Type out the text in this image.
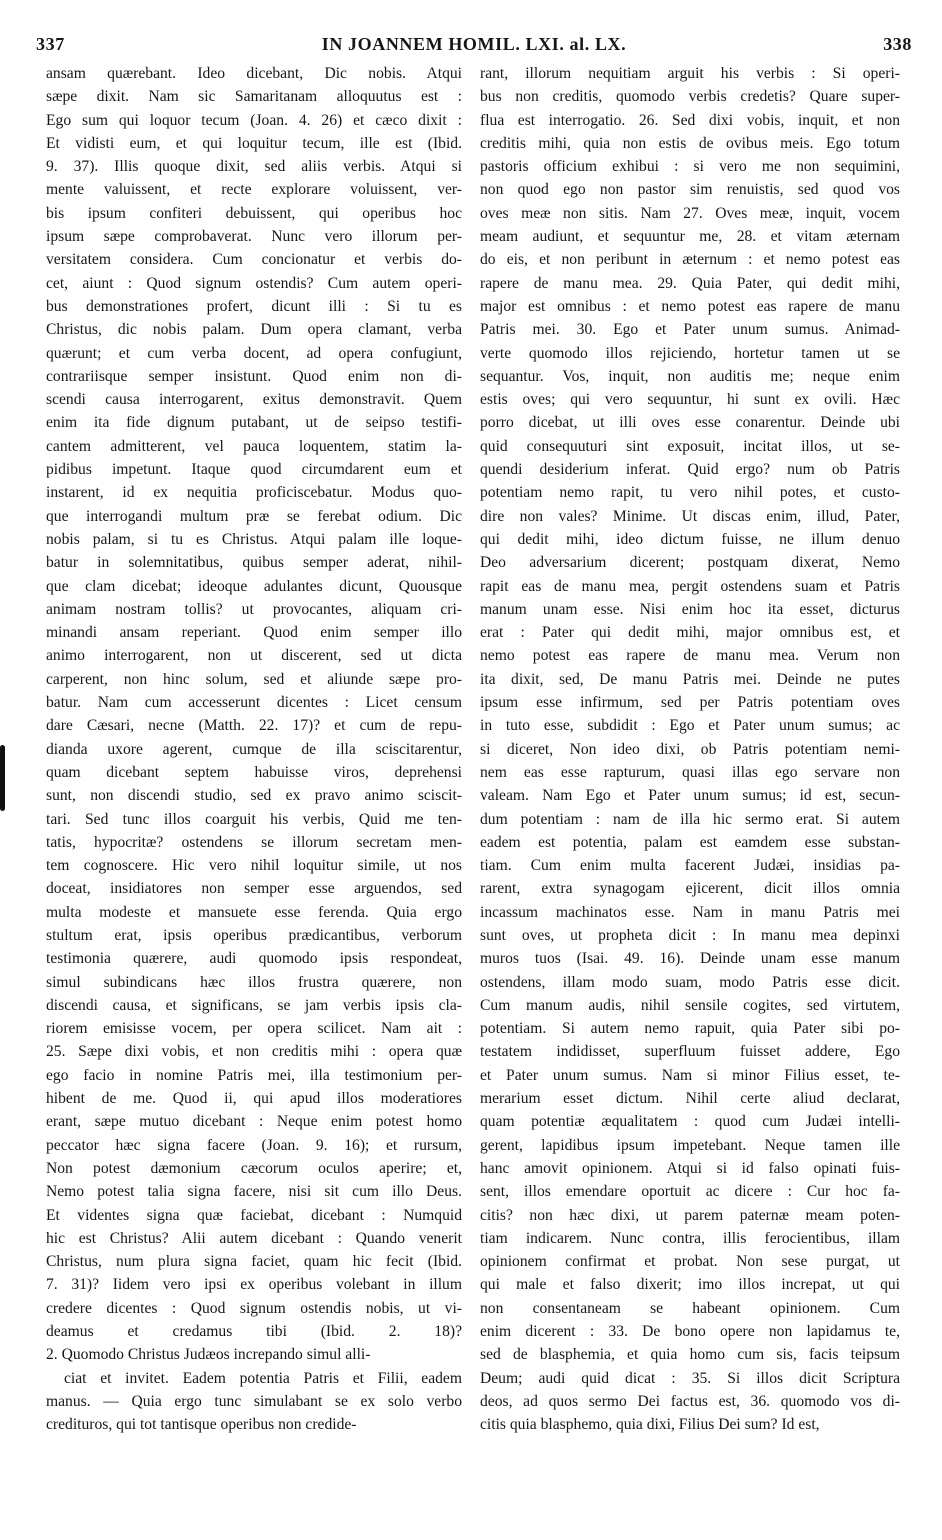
337	IN JOANNEM HOMIL. LXI. al. LX.	338
ansam quærebant. Ideo dicebant, Dic nobis. Atqui
sæpe dixit. Nam sic Samaritanam alloquutus est :
Ego sum qui loquor tecum (Joan. 4. 26) et cæco dixit :
Et vidisti eum, et qui loquitur tecum, ille est (Ibid.
9. 37). Illis quoque dixit, sed aliis verbis. Atqui si
mente valuissent, et recte explorare voluissent, ver-
bis ipsum confiteri debuissent, qui operibus hoc
ipsum sæpe comprobaverat. Nunc vero illorum per-
versitatem considera. Cum concionatur et verbis do-
cet, aiunt : Quod signum ostendis? Cum autem operi-
bus demonstrationes profert, dicunt illi : Si tu es
Christus, dic nobis palam. Dum opera clamant, verba
quærunt; et cum verba docent, ad opera confugiunt,
contrariisque semper insistunt. Quod enim non di-
scendi causa interrogarent, exitus demonstravit. Quem
enim ita fide dignum putabant, ut de seipso testifi-
cantem admitterent, vel pauca loquentem, statim la-
pidibus impetunt. Itaque quod circumdarent eum et
instarent, id ex nequitia proficiscebatur. Modus quo-
que interrogandi multum præ se ferebat odium. Dic
nobis palam, si tu es Christus. Atqui palam ille loque-
batur in solemnitatibus, quibus semper aderat, nihil-
que clam dicebat; ideoque adulantes dicunt, Quousque
animam nostram tollis? ut provocantes, aliquam cri-
minandi ansam reperiant. Quod enim semper illo
animo interrogarent, non ut discerent, sed ut dicta
carperent, non hinc solum, sed et aliunde sæpe pro-
batur. Nam cum accesserunt dicentes : Licet censum
dare Cæsari, necne (Matth. 22. 17)? et cum de repu-
dianda uxore agerent, cumque de illa sciscitarentur,
quam dicebant septem habuisse viros, deprehensi
sunt, non discendi studio, sed ex pravo animo sciscit-
tari. Sed tunc illos coarguit his verbis, Quid me ten-
tatis, hypocritæ? ostendens se illorum secretam men-
tem cognoscere. Hic vero nihil loquitur simile, ut nos
doceat, insidiatores non semper esse arguendos, sed
multa modeste et mansuete esse ferenda. Quia ergo
stultum erat, ipsis operibus prædicantibus, verborum
testimonia quærere, audi quomodo ipsis respondeat,
simul subindicans hæc illos frustra quærere, non
discendi causa, et significans, se jam verbis ipsis cla-
riorem emisisse vocem, per opera scilicet. Nam ait :
25. Sæpe dixi vobis, et non creditis mihi : opera quæ
ego facio in nomine Patris mei, illa testimonium per-
hibent de me. Quod ii, qui apud illos moderatiores
erant, sæpe mutuo dicebant : Neque enim potest homo
peccator hæc signa facere (Joan. 9. 16); et rursum,
Non potest dæmonium cæcorum oculos aperire; et,
Nemo potest talia signa facere, nisi sit cum illo Deus.
Et videntes signa quæ faciebat, dicebant : Numquid
hic est Christus? Alii autem dicebant : Quando venerit
Christus, num plura signa faciet, quam hic fecit (Ibid.
7. 31)? Iidem vero ipsi ex operibus volebant in illum
credere dicentes : Quod signum ostendis nobis, ut vi-
deamus et credamus tibi (Ibid. 2. 18)?
2. Quomodo Christus Judæos increpando simul alli-
ciat et invitet. Eadem potentia Patris et Filii, eadem
manus. — Quia ergo tunc simulabant se ex solo verbo
credituros, qui tot tantisque operibus non credide-
rant, illorum nequitiam arguit his verbis : Si operi-
bus non creditis, quomodo verbis credetis? Quare super-
flua est interrogatio. 26. Sed dixi vobis, inquit, et non
creditis mihi, quia non estis de ovibus meis. Ego totum
pastoris officium exhibui : si vero me non sequimini,
non quod ego non pastor sim renuistis, sed quod vos
oves meæ non sitis. Nam 27. Oves meæ, inquit, vocem
meam audiunt, et sequuntur me, 28. et vitam æternam
do eis, et non peribunt in æternum : et nemo potest eas
rapere de manu mea. 29. Quia Pater, qui dedit mihi,
major est omnibus : et nemo potest eas rapere de manu
Patris mei. 30. Ego et Pater unum sumus. Animad-
verte quomodo illos rejiciendo, hortetur tamen ut se
sequantur. Vos, inquit, non auditis me; neque enim
estis oves; qui vero sequuntur, hi sunt ex ovili. Hæc
porro dicebat, ut illi oves esse conarentur. Deinde ubi
quid consequuturi sint exposuit, incitat illos, ut se-
quendi desiderium inferat. Quid ergo? num ob Patris
potentiam nemo rapit, tu vero nihil potes, et custo-
dire non vales? Minime. Ut discas enim, illud, Pater,
qui dedit mihi, ideo dictum fuisse, ne illum denuo
Deo adversarium dicerent; postquam dixerat, Nemo
rapit eas de manu mea, pergit ostendens suam et Patris
manum unam esse. Nisi enim hoc ita esset, dicturus
erat : Pater qui dedit mihi, major omnibus est, et
nemo potest eas rapere de manu mea. Verum non
ita dixit, sed, De manu Patris mei. Deinde ne putes
ipsum esse infirmum, sed per Patris potentiam oves
in tuto esse, subdidit : Ego et Pater unum sumus; ac
si diceret, Non ideo dixi, ob Patris potentiam nemi-
nem eas esse rapturum, quasi illas ego servare non
valeam. Nam Ego et Pater unum sumus; id est, secun-
dum potentiam : nam de illa hic sermo erat. Si autem
eadem est potentia, palam est eamdem esse substan-
tiam. Cum enim multa facerent Judæi, insidias pa-
rarent, extra synagogam ejicerent, dicit illos omnia
incassum machinatos esse. Nam in manu Patris mei
sunt oves, ut propheta dicit : In manu mea depinxi
muros tuos (Isai. 49. 16). Deinde unam esse manum
ostendens, illam modo suam, modo Patris esse dicit.
Cum manum audis, nihil sensile cogites, sed virtutem,
potentiam. Si autem nemo rapuit, quia Pater sibi po-
testatem indidisset, superfluum fuisset addere, Ego
et Pater unum sumus. Nam si minor Filius esset, te-
merarium esset dictum. Nihil certe aliud declarat,
quam potentiæ æqualitatem : quod cum Judæi intelli-
gerent, lapidibus ipsum impetebant. Neque tamen ille
hanc amovit opinionem. Atqui si id falso opinati fuis-
sent, illos emendare oportuit ac dicere : Cur hoc fa-
citis? non hæc dixi, ut parem paternæ meam poten-
tiam indicarem. Nunc contra, illis ferocientibus, illam
opinionem confirmat et probat. Non sese purgat, ut
qui male et falso dixerit; imo illos increpat, ut qui
non consentaneam se habeant opinionem. Cum
enim dicerent : 33. De bono opere non lapidamus te,
sed de blasphemia, et quia homo cum sis, facis teipsum
Deum; audi quid dicat : 35. Si illos dicit Scriptura
deos, ad quos sermo Dei factus est, 36. quomodo vos di-
citis quia blasphemo, quia dixi, Filius Dei sum? Id est,
